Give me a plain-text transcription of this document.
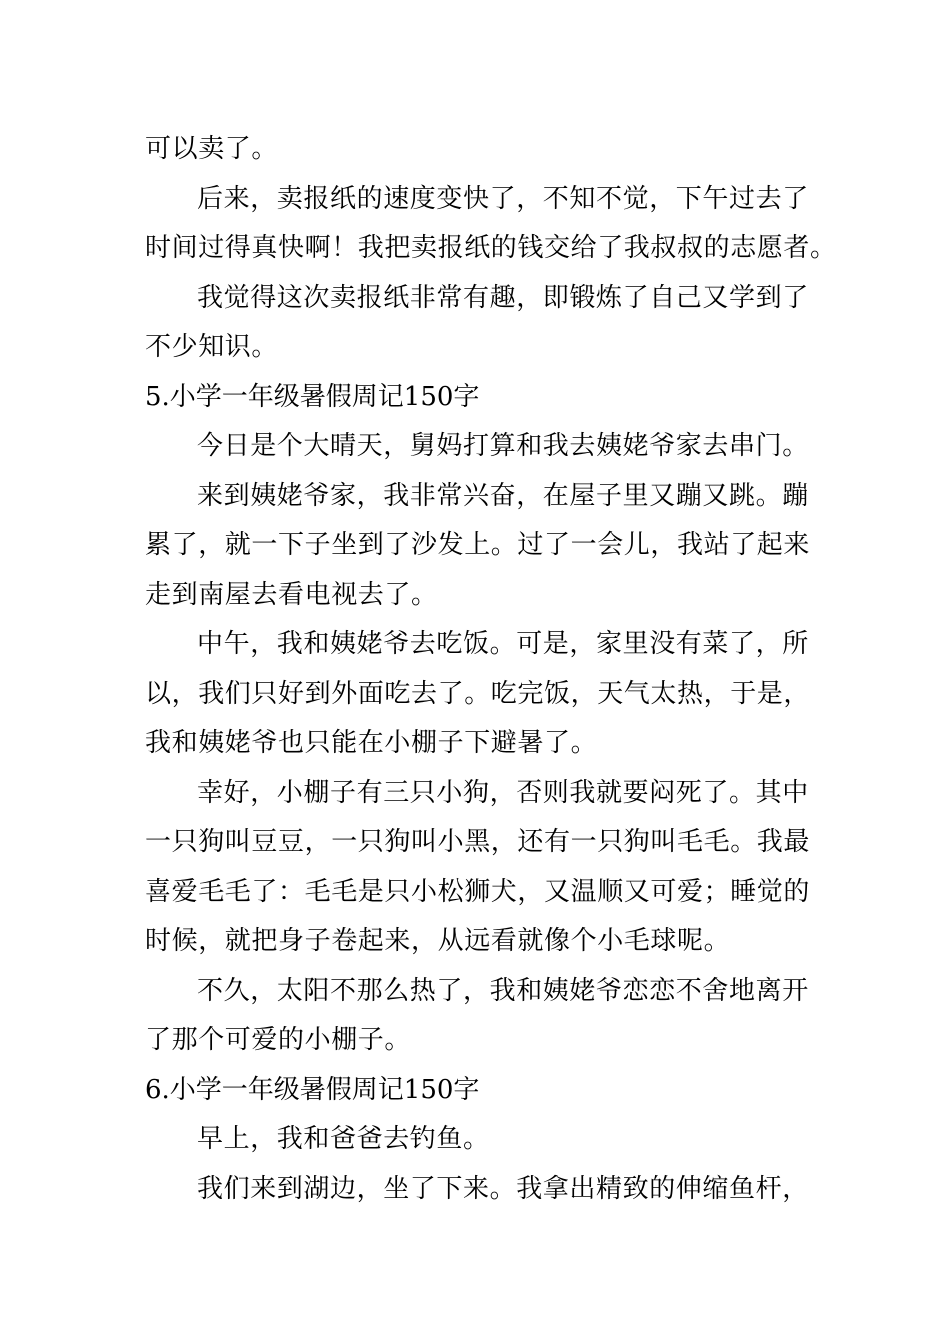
可以卖了。
后来，卖报纸的速度变快了，不知不觉，下午过去了
时间过得真快啊！我把卖报纸的钱交给了我叔叔的志愿者。
我觉得这次卖报纸非常有趣，即锻炼了自己又学到了
不少知识。
5.小学一年级暑假周记150字
今日是个大晴天，舅妈打算和我去姨姥爷家去串门。
来到姨姥爷家，我非常兴奋，在屋子里又蹦又跳。蹦
累了，就一下子坐到了沙发上。过了一会儿，我站了起来
走到南屋去看电视去了。
中午，我和姨姥爷去吃饭。可是，家里没有菜了，所
以，我们只好到外面吃去了。吃完饭，天气太热，于是，
我和姨姥爷也只能在小棚子下避暑了。
幸好，小棚子有三只小狗，否则我就要闷死了。其中
一只狗叫豆豆，一只狗叫小黑，还有一只狗叫毛毛。我最
喜爱毛毛了：毛毛是只小松狮犬，又温顺又可爱；睡觉的
时候，就把身子卷起来，从远看就像个小毛球呢。
不久，太阳不那么热了，我和姨姥爷恋恋不舍地离开
了那个可爱的小棚子。
6.小学一年级暑假周记150字
早上，我和爸爸去钓鱼。
我们来到湖边，坐了下来。我拿出精致的伸缩鱼杆，
